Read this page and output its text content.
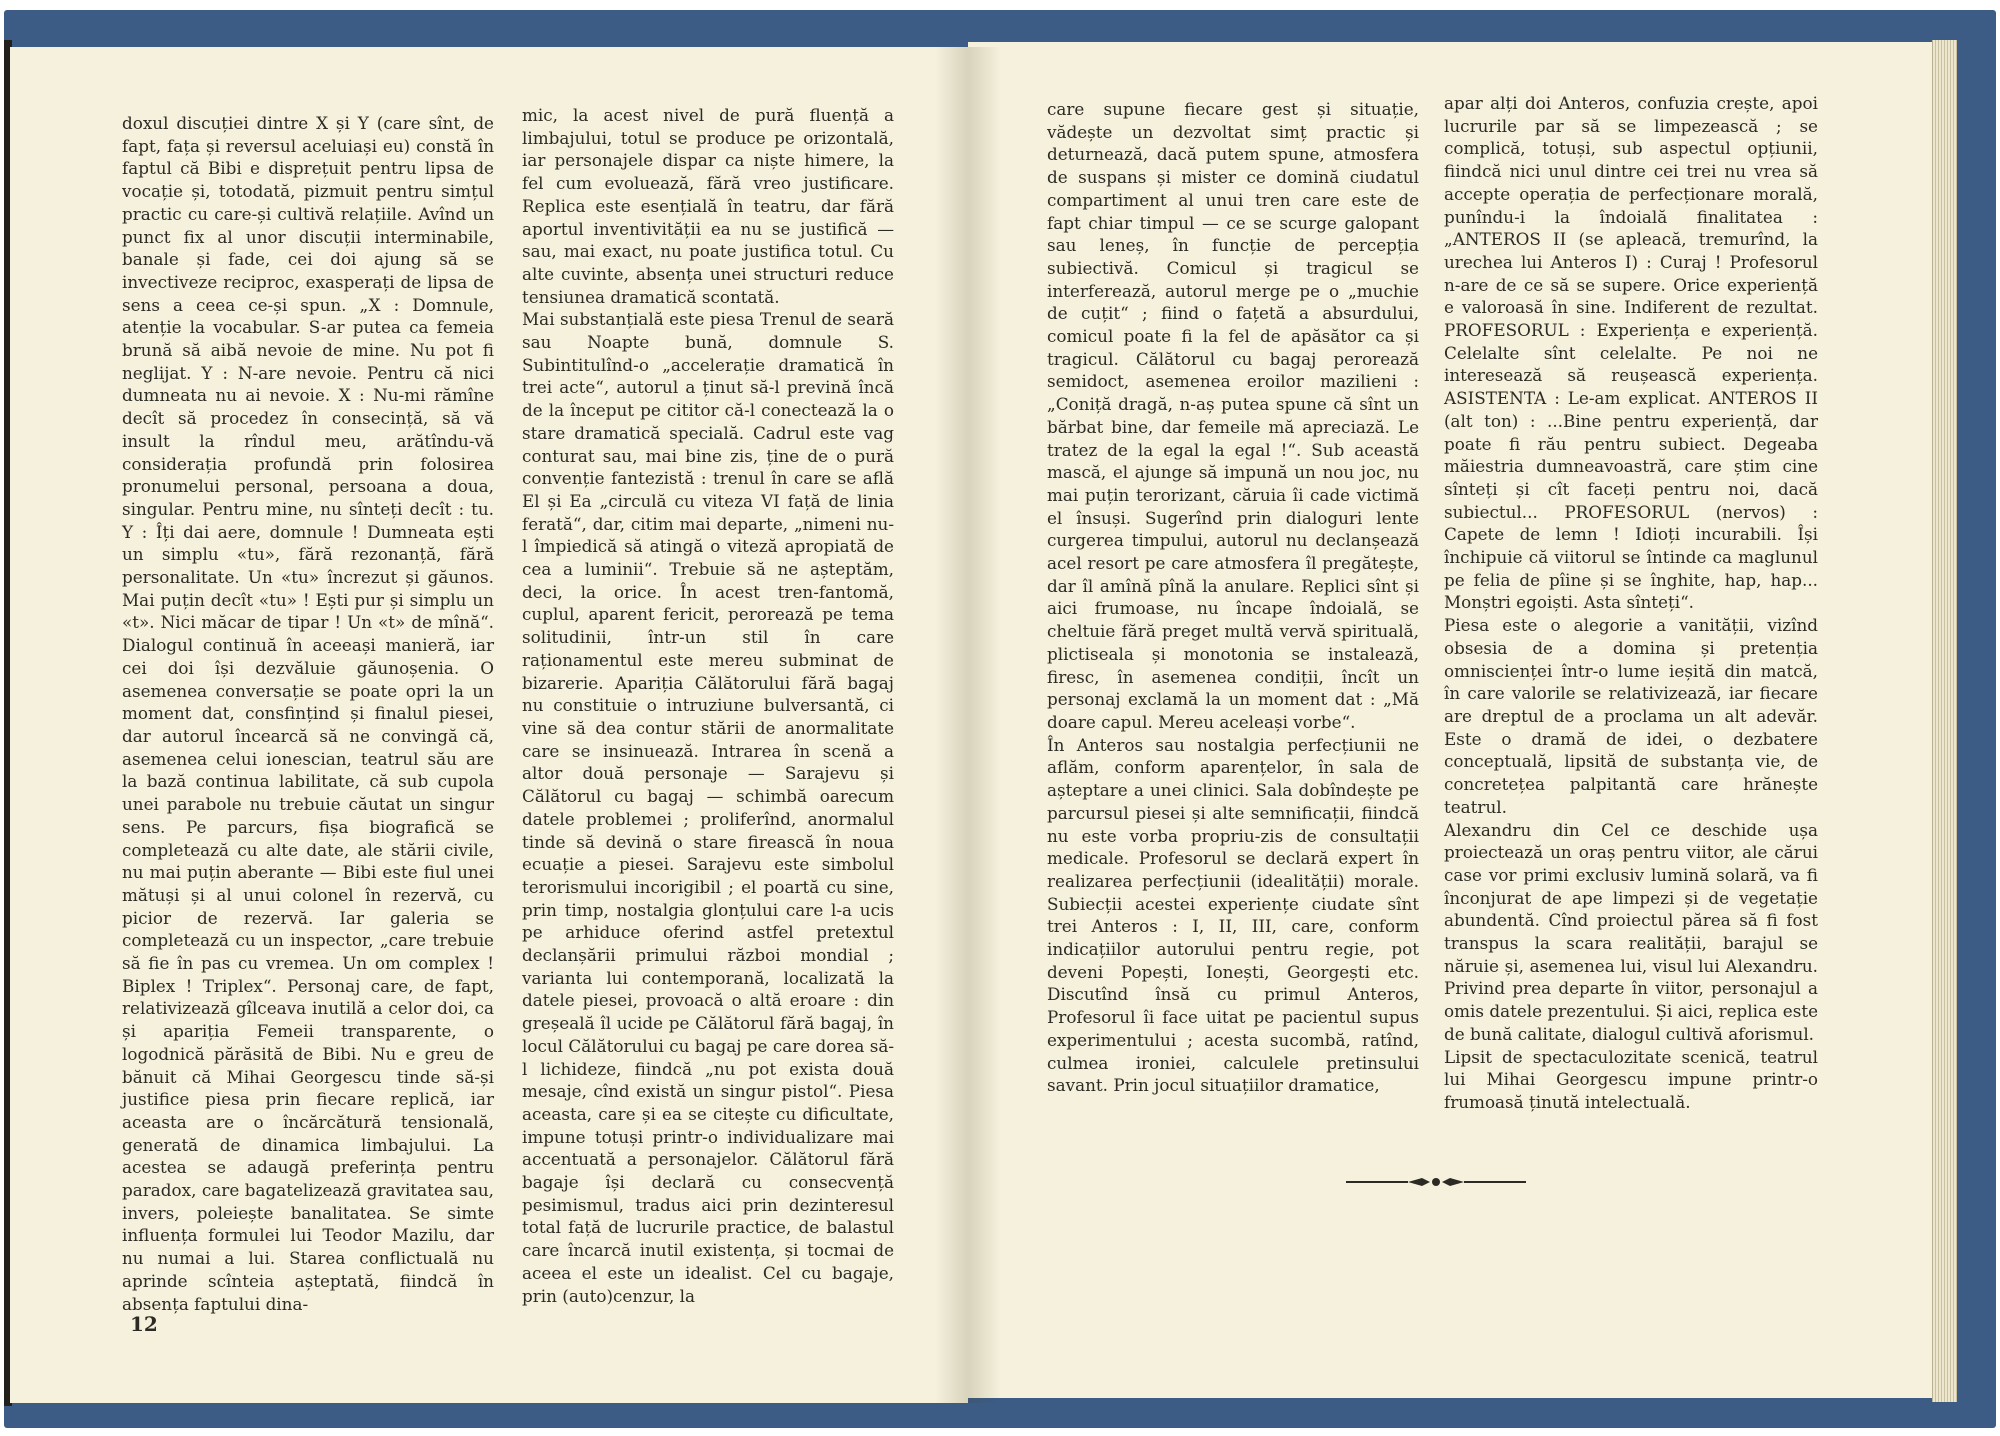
doxul discuției dintre X și Y (care sînt, de fapt, fața și reversul aceluiași eu) constă în faptul că Bibi e disprețuit pentru lipsa de vocație și, totodată, pizmuit pentru simțul practic cu care-și cultivă relațiile. Avînd un punct fix al unor discuții interminabile, banale și fade, cei doi ajung să se invectiveze reciproc, exasperați de lipsa de sens a ceea ce-și spun. „X : Domnule, atenție la vocabular. S-ar putea ca femeia brună să aibă nevoie de mine. Nu pot fi neglijat. Y : N-are nevoie. Pentru că nici dumneata nu ai nevoie. X : Nu-mi rămîne decît să procedez în consecință, să vă insult la rîndul meu, arătîndu-vă considerația profundă prin folosirea pronumelui personal, persoana a doua, singular. Pentru mine, nu sînteți decît : tu. Y : Îți dai aere, domnule ! Dumneata ești un simplu «tu», fără rezonanță, fără personalitate. Un «tu» încrezut și găunos. Mai puțin decît «tu» ! Ești pur și simplu un «t». Nici măcar de tipar ! Un «t» de mînă“. Dialogul continuă în aceeași manieră, iar cei doi își dezvăluie găunoșenia. O asemenea conversație se poate opri la un moment dat, consfințind și finalul piesei, dar autorul încearcă să ne convingă că, asemenea celui ionescian, teatrul său are la bază continua labilitate, că sub cupola unei parabole nu trebuie căutat un singur sens. Pe parcurs, fișa biografică se completează cu alte date, ale stării civile, nu mai puțin aberante — Bibi este fiul unei mătuși și al unui colonel în rezervă, cu picior de rezervă. Iar galeria se completează cu un inspector, „care trebuie să fie în pas cu vremea. Un om complex ! Biplex ! Triplex“. Personaj care, de fapt, relativizează gîlceava inutilă a celor doi, ca și apariția Femeii transparente, o logodnică părăsită de Bibi. Nu e greu de bănuit că Mihai Georgescu tinde să-și justifice piesa prin fiecare replică, iar aceasta are o încărcătură tensională, generată de dinamica limbajului. La acestea se adaugă preferința pentru paradox, care bagatelizează gravitatea sau, invers, poleiește banalitatea. Se simte influența formulei lui Teodor Mazilu, dar nu numai a lui. Starea conflictuală nu aprinde scînteia așteptată, fiindcă în absența faptului dina-

mic, la acest nivel de pură fluență a limbajului, totul se produce pe orizontală, iar personajele dispar ca niște himere, la fel cum evoluează, fără vreo justificare. Replica este esențială în teatru, dar fără aportul inventivității ea nu se justifică — sau, mai exact, nu poate justifica totul. Cu alte cuvinte, absența unei structuri reduce tensiunea dramatică scontată.
Mai substanțială este piesa Trenul de seară sau Noapte bună, domnule S. Subintitulînd-o „accelerație dramatică în trei acte“, autorul a ținut să-l prevină încă de la început pe cititor că-l conectează la o stare dramatică specială. Cadrul este vag conturat sau, mai bine zis, ține de o pură convenție fantezistă : trenul în care se află El și Ea „circulă cu viteza VI față de linia ferată“, dar, citim mai departe, „nimeni nu-l împiedică să atingă o viteză apropiată de cea a luminii“. Trebuie să ne așteptăm, deci, la orice. În acest tren-fantomă, cuplul, aparent fericit, perorează pe tema solitudinii, într-un stil în care raționamentul este mereu subminat de bizarerie. Apariția Călătorului fără bagaj nu constituie o intruziune bulversantă, ci vine să dea contur stării de anormalitate care se insinuează. Intrarea în scenă a altor două personaje — Sarajevu și Călătorul cu bagaj — schimbă oarecum datele problemei ; proliferînd, anormalul tinde să devină o stare firească în noua ecuație a piesei. Sarajevu este simbolul terorismului incorigibil ; el poartă cu sine, prin timp, nostalgia glonțului care l-a ucis pe arhiduce oferind astfel pretextul declanșării primului război mondial ; varianta lui contemporană, localizată la datele piesei, provoacă o altă eroare : din greșeală îl ucide pe Călătorul fără bagaj, în locul Călătorului cu bagaj pe care dorea să-l lichideze, fiindcă „nu pot exista două mesaje, cînd există un singur pistol“. Piesa aceasta, care și ea se citește cu dificultate, impune totuși printr-o individualizare mai accentuată a personajelor. Călătorul fără bagaje își declară cu consecvență pesimismul, tradus aici prin dezinteresul total față de lucrurile practice, de balastul care încarcă inutil existența, și tocmai de aceea el este un idealist. Cel cu bagaje, prin (auto)cenzur, la

care supune fiecare gest și situație, vădește un dezvoltat simț practic și deturnează, dacă putem spune, atmosfera de suspans și mister ce domină ciudatul compartiment al unui tren care este de fapt chiar timpul — ce se scurge galopant sau leneș, în funcție de percepția subiectivă. Comicul și tragicul se interferează, autorul merge pe o „muchie de cuțit“ ; fiind o fațetă a absurdului, comicul poate fi la fel de apăsător ca și tragicul. Călătorul cu bagaj perorează semidoct, asemenea eroilor mazilieni : „Coniță dragă, n-aș putea spune că sînt un bărbat bine, dar femeile mă apreciază. Le tratez de la egal la egal !“. Sub această mască, el ajunge să impună un nou joc, nu mai puțin terorizant, căruia îi cade victimă el însuși. Sugerînd prin dialoguri lente curgerea timpului, autorul nu declanșează acel resort pe care atmosfera îl pregătește, dar îl amînă pînă la anulare. Replici sînt și aici frumoase, nu încape îndoială, se cheltuie fără preget multă vervă spirituală, plictiseala și monotonia se instalează, firesc, în asemenea condiții, încît un personaj exclamă la un moment dat : „Mă doare capul. Mereu aceleași vorbe“.
În Anteros sau nostalgia perfecțiunii ne aflăm, conform aparențelor, în sala de așteptare a unei clinici. Sala dobîndește pe parcursul piesei și alte semnificații, fiindcă nu este vorba propriu-zis de consultații medicale. Profesorul se declară expert în realizarea perfecțiunii (idealității) morale. Subiecții acestei experiențe ciudate sînt trei Anteros : I, II, III, care, conform indicațiilor autorului pentru regie, pot deveni Popești, Ionești, Georgești etc. Discutînd însă cu primul Anteros, Profesorul îi face uitat pe pacientul supus experimentului ; acesta sucombă, ratînd, culmea ironiei, calculele pretinsului savant. Prin jocul situațiilor dramatice,

apar alți doi Anteros, confuzia crește, apoi lucrurile par să se limpezească ; se complică, totuși, sub aspectul opțiunii, fiindcă nici unul dintre cei trei nu vrea să accepte operația de perfecționare morală, punîndu-i la îndoială finalitatea : „ANTEROS II (se apleacă, tremurînd, la urechea lui Anteros I) : Curaj ! Profesorul n-are de ce să se supere. Orice experiență e valoroasă în sine. Indiferent de rezultat. PROFESORUL : Experiența e experiență. Celelalte sînt celelalte. Pe noi ne interesează să reușească experiența. ASISTENTA : Le-am explicat. ANTEROS II (alt ton) : ...Bine pentru experiență, dar poate fi rău pentru subiect. Degeaba măiestria dumneavoastră, care știm cine sînteți și cît faceți pentru noi, dacă subiectul... PROFESORUL (nervos) : Capete de lemn ! Idioți incurabili. Își închipuie că viitorul se întinde ca maglunul pe felia de pîine și se înghite, hap, hap... Monștri egoiști. Asta sînteți“.
Piesa este o alegorie a vanității, vizînd obsesia de a domina și pretenția omniscienței într-o lume ieșită din matcă, în care valorile se relativizează, iar fiecare are dreptul de a proclama un alt adevăr. Este o dramă de idei, o dezbatere conceptuală, lipsită de substanța vie, de concretețea palpitantă care hrănește teatrul.
Alexandru din Cel ce deschide ușa proiectează un oraș pentru viitor, ale cărui case vor primi exclusiv lumină solară, va fi înconjurat de ape limpezi și de vegetație abundentă. Cînd proiectul părea să fi fost transpus la scara realității, barajul se năruie și, asemenea lui, visul lui Alexandru. Privind prea departe în viitor, personajul a omis datele prezentului. Și aici, replica este de bună calitate, dialogul cultivă aforismul.
Lipsit de spectaculozitate scenică, teatrul lui Mihai Georgescu impune printr-o frumoasă ținută intelectuală.

12
